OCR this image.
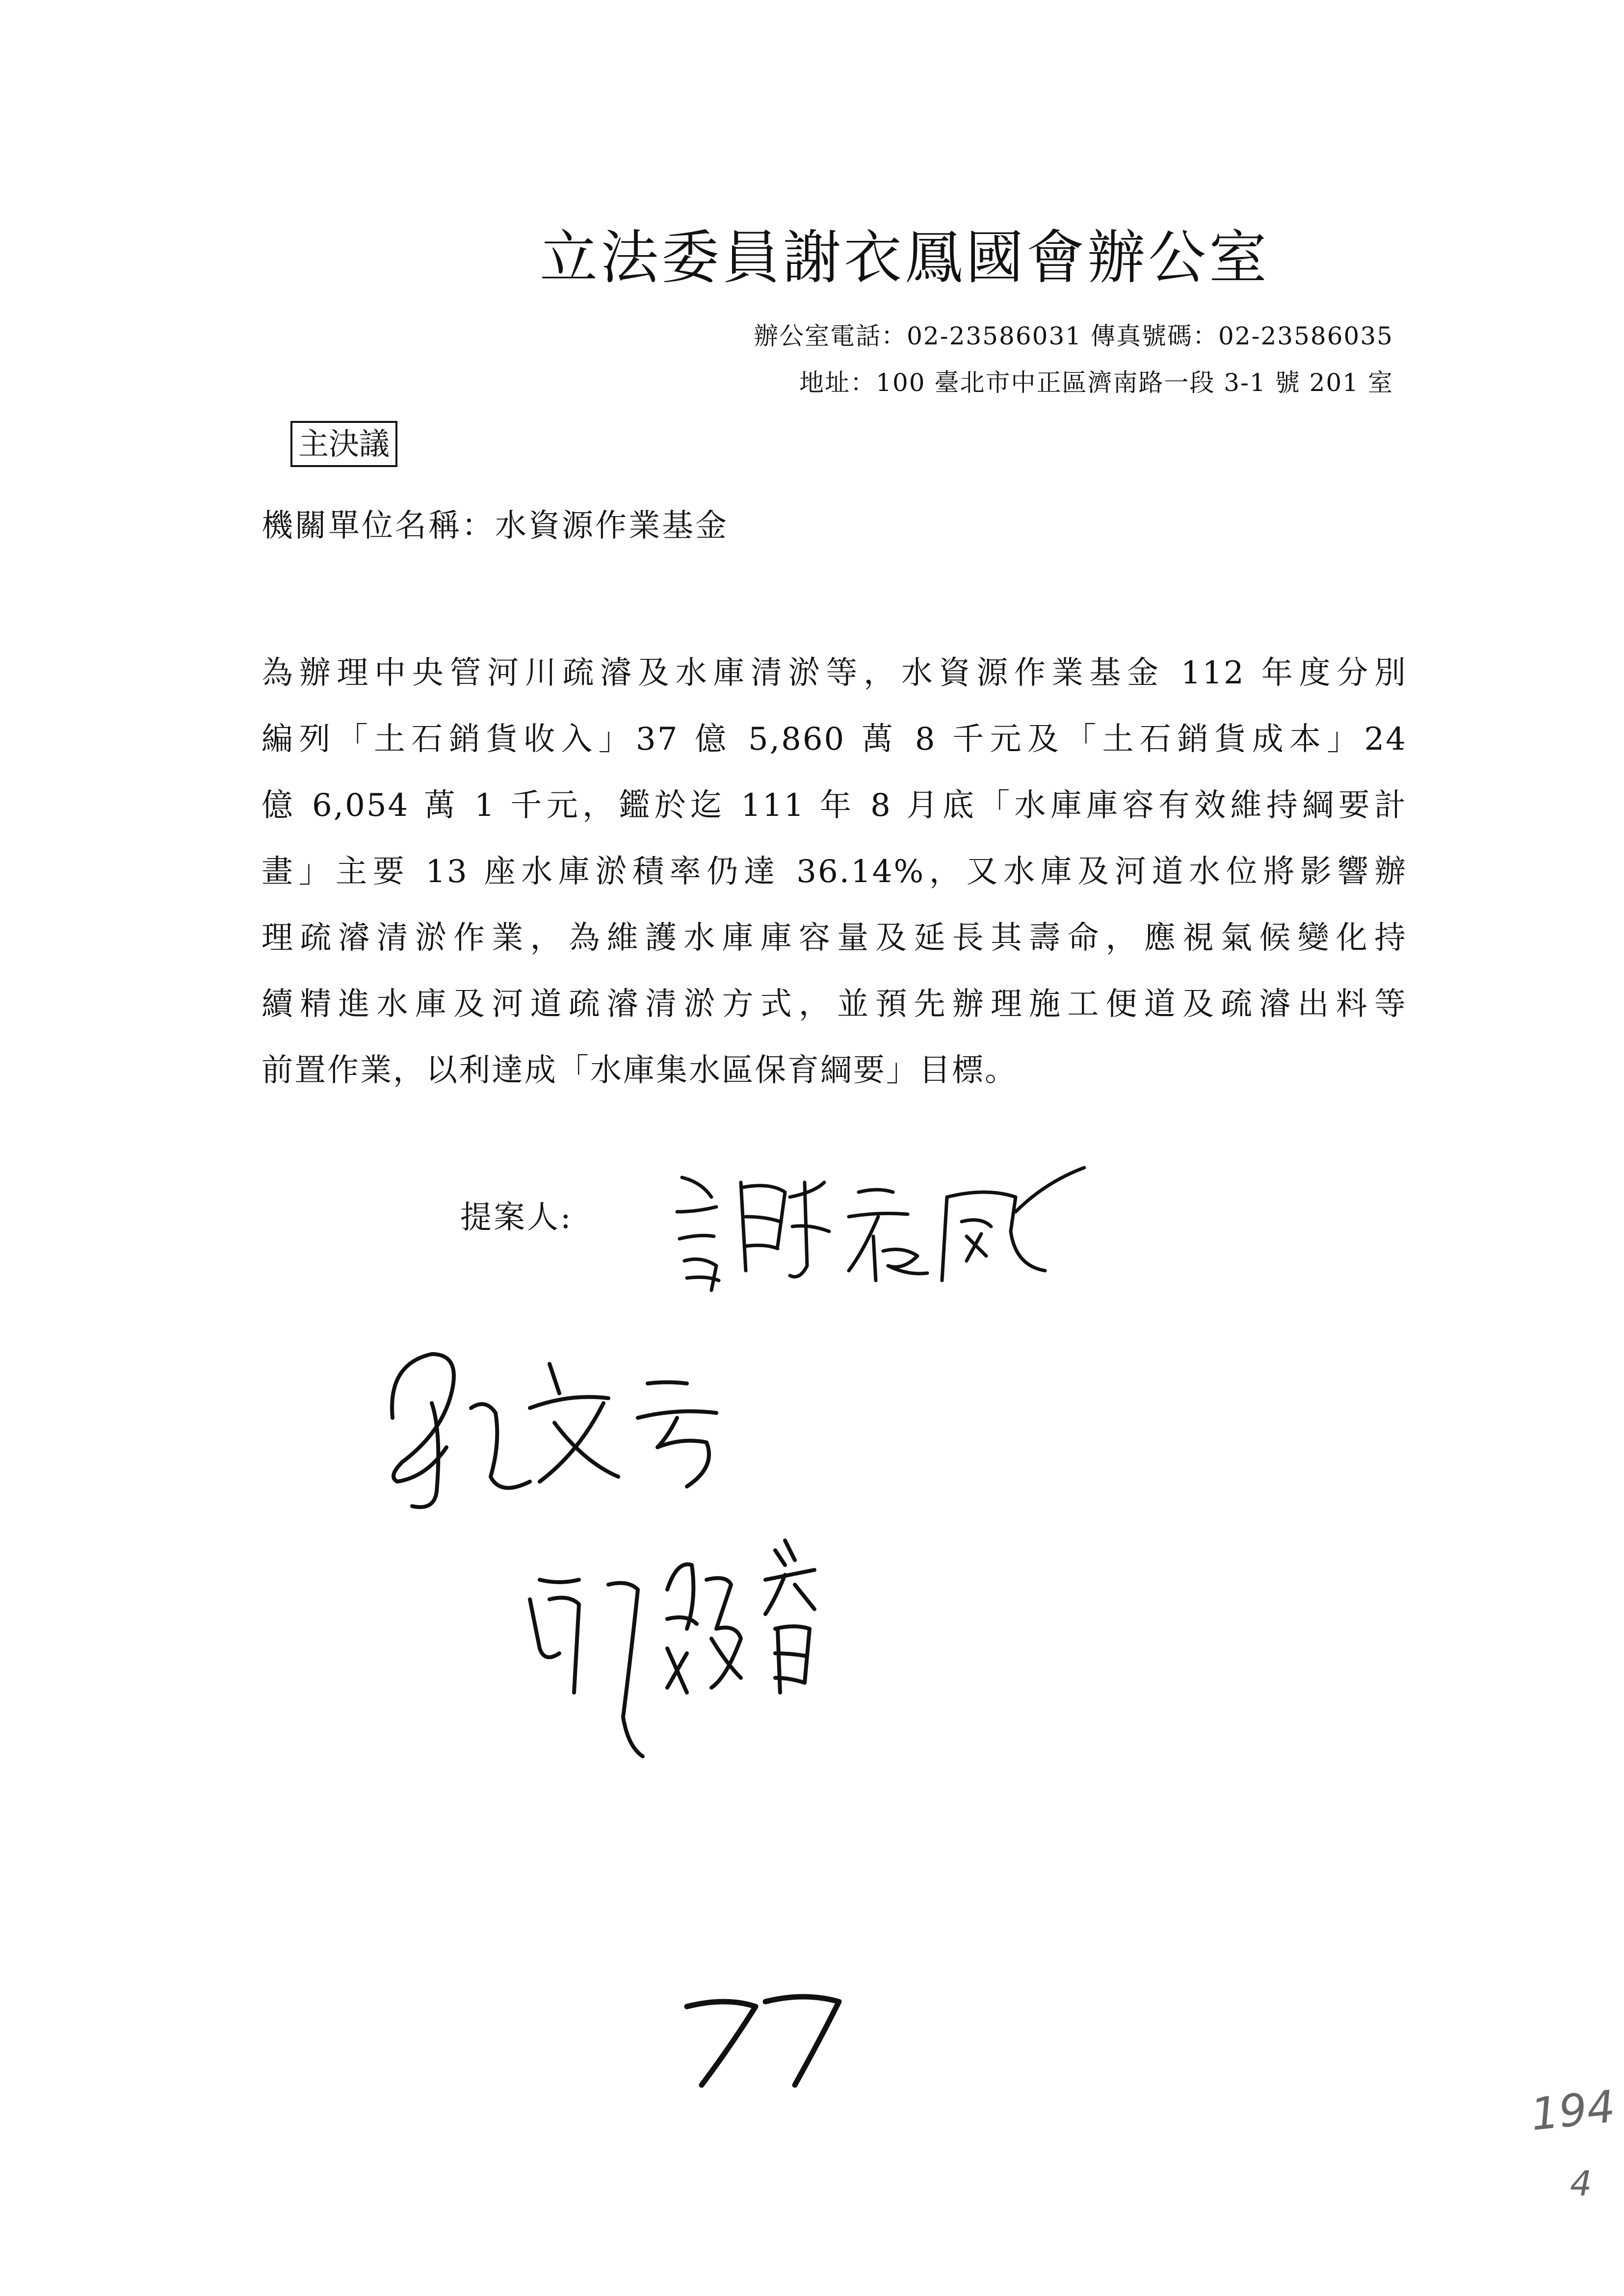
立法委員謝衣鳳國會辦公室
辦公室電話：02-23586031 傳真號碼：02-23586035
地址：100 臺北市中正區濟南路一段 3-1 號 201 室
主決議
機關單位名稱：水資源作業基金
為辦理中央管河川疏濬及水庫清淤等，水資源作業基金 112 年度分別
編列「土石銷貨收入」37 億 5,860 萬 8 千元及「土石銷貨成本」24
億 6,054 萬 1 千元，鑑於迄 111 年 8 月底「水庫庫容有效維持綱要計
畫」主要 13 座水庫淤積率仍達 36.14%，又水庫及河道水位將影響辦
理疏濬清淤作業，為維護水庫庫容量及延長其壽命，應視氣候變化持
續精進水庫及河道疏濬清淤方式，並預先辦理施工便道及疏濬出料等
前置作業，以利達成「水庫集水區保育綱要」目標。
提案人:
194
4
